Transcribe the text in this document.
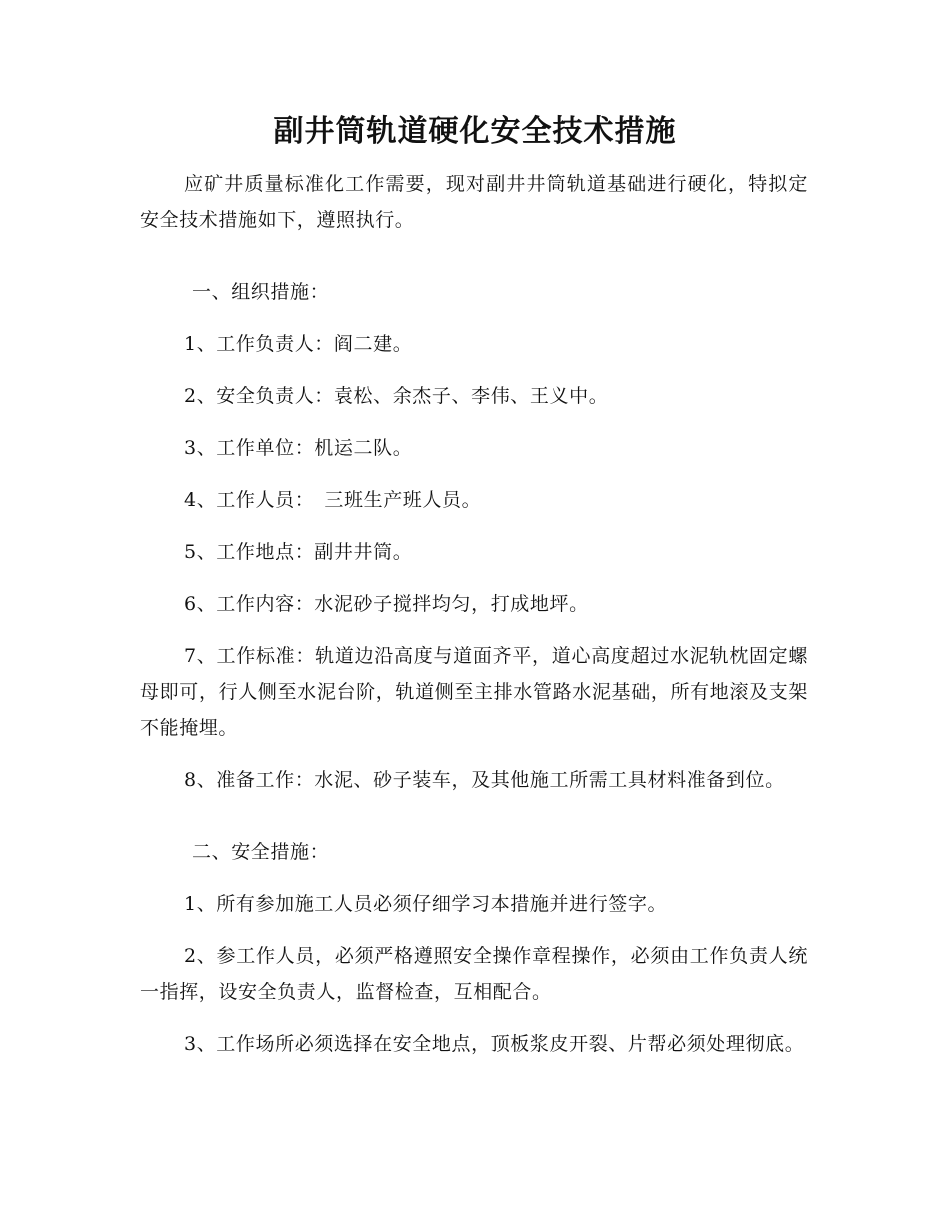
副井筒轨道硬化安全技术措施

应矿井质量标准化工作需要，现对副井井筒轨道基础进行硬化，特拟定安全技术措施如下，遵照执行。

一、组织措施：

1、工作负责人：阎二建。

2、安全负责人：袁松、余杰子、李伟、王义中。

3、工作单位：机运二队。

4、工作人员：　三班生产班人员。

5、工作地点：副井井筒。

6、工作内容：水泥砂子搅拌均匀，打成地坪。

7、工作标准：轨道边沿高度与道面齐平，道心高度超过水泥轨枕固定螺母即可，行人侧至水泥台阶，轨道侧至主排水管路水泥基础，所有地滚及支架不能掩埋。

8、准备工作：水泥、砂子装车，及其他施工所需工具材料准备到位。

二、安全措施：

1、所有参加施工人员必须仔细学习本措施并进行签字。

2、参工作人员，必须严格遵照安全操作章程操作，必须由工作负责人统一指挥，设安全负责人，监督检查，互相配合。

3、工作场所必须选择在安全地点，顶板浆皮开裂、片帮必须处理彻底。
